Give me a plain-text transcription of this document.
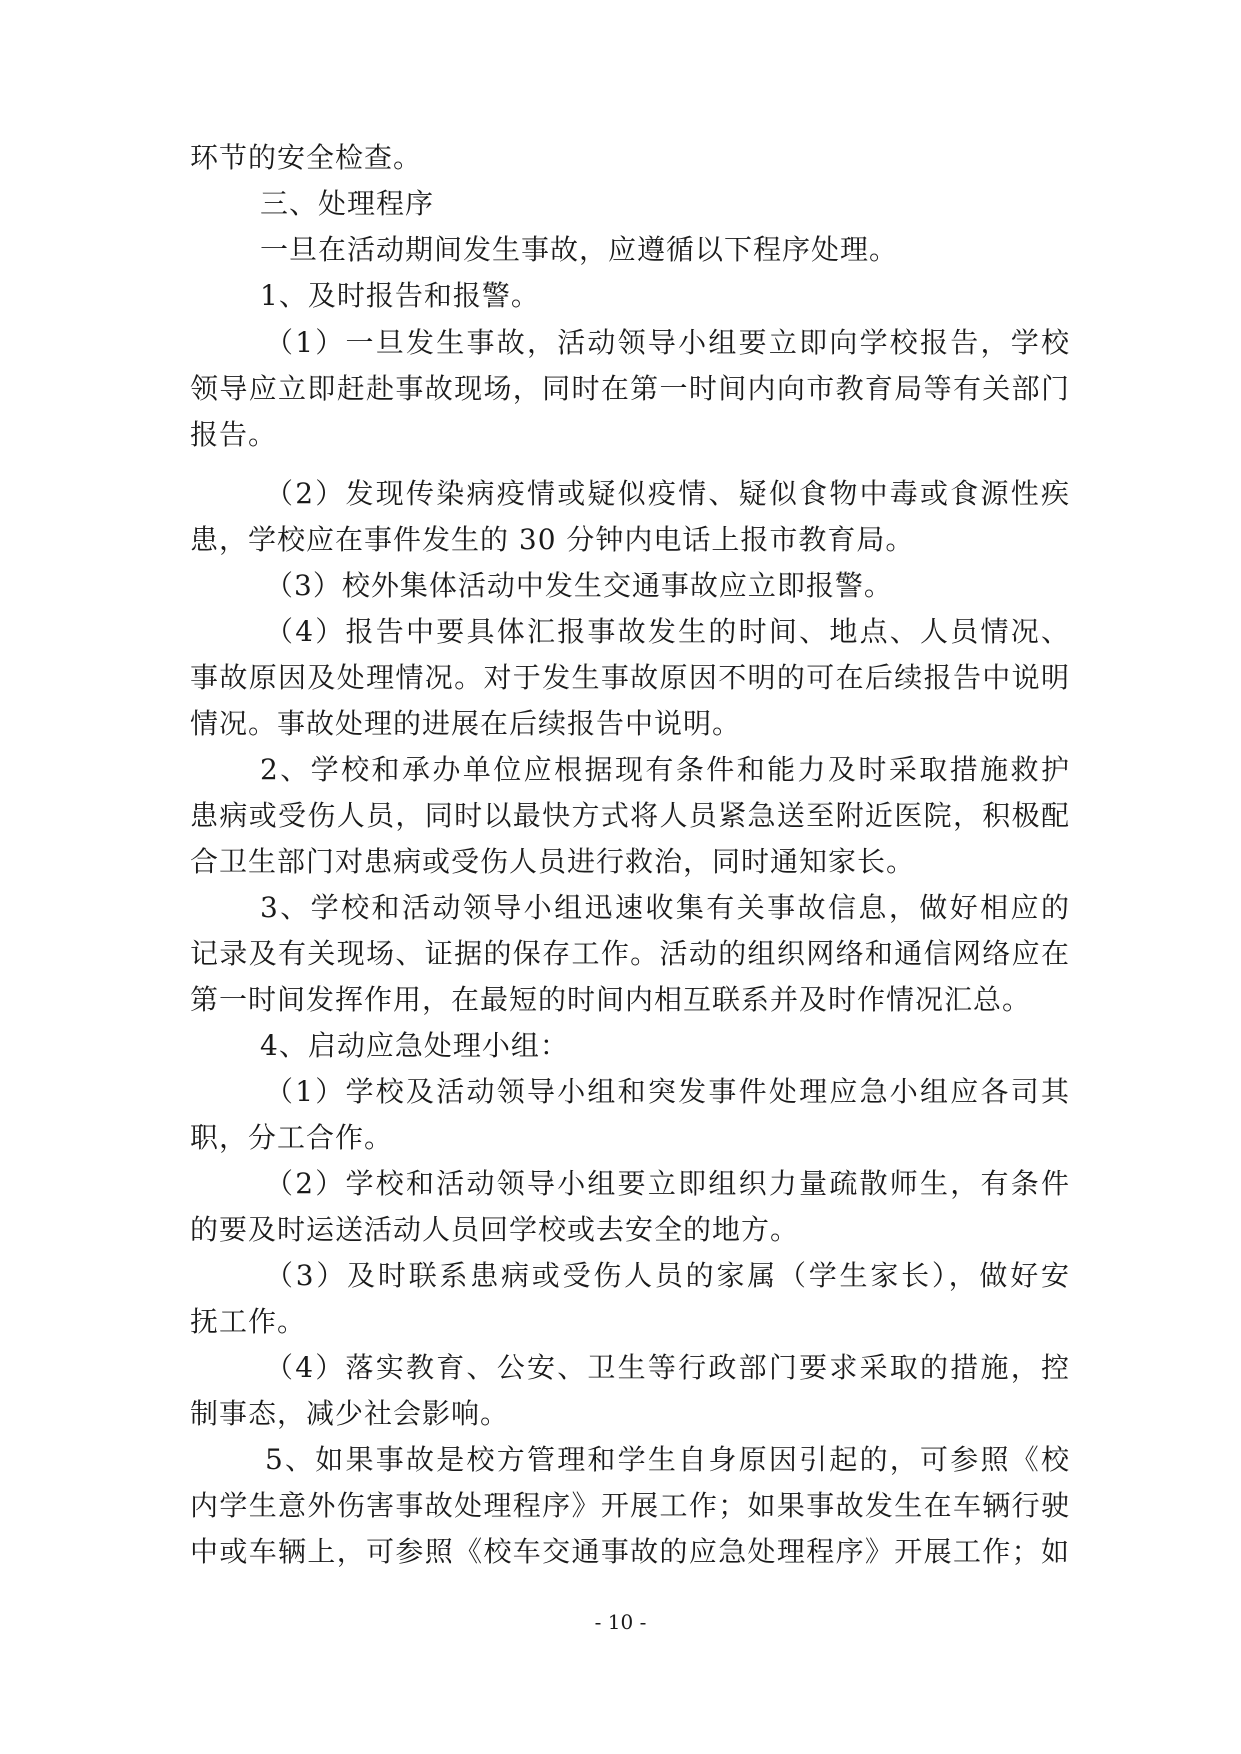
环节的安全检查。
三、处理程序
一旦在活动期间发生事故，应遵循以下程序处理。
1、及时报告和报警。
（1）一旦发生事故，活动领导小组要立即向学校报告，学校
领导应立即赶赴事故现场，同时在第一时间内向市教育局等有关部门
报告。
（2）发现传染病疫情或疑似疫情、疑似食物中毒或食源性疾
患，学校应在事件发生的 30 分钟内电话上报市教育局。
（3）校外集体活动中发生交通事故应立即报警。
（4）报告中要具体汇报事故发生的时间、地点、人员情况、
事故原因及处理情况。对于发生事故原因不明的可在后续报告中说明
情况。事故处理的进展在后续报告中说明。
2、学校和承办单位应根据现有条件和能力及时采取措施救护
患病或受伤人员，同时以最快方式将人员紧急送至附近医院，积极配
合卫生部门对患病或受伤人员进行救治，同时通知家长。
3、学校和活动领导小组迅速收集有关事故信息，做好相应的
记录及有关现场、证据的保存工作。活动的组织网络和通信网络应在
第一时间发挥作用，在最短的时间内相互联系并及时作情况汇总。
4、启动应急处理小组：
（1）学校及活动领导小组和突发事件处理应急小组应各司其
职，分工合作。
（2）学校和活动领导小组要立即组织力量疏散师生，有条件
的要及时运送活动人员回学校或去安全的地方。
（3）及时联系患病或受伤人员的家属（学生家长），做好安
抚工作。
（4）落实教育、公安、卫生等行政部门要求采取的措施，控
制事态，减少社会影响。
5、如果事故是校方管理和学生自身原因引起的，可参照《校
内学生意外伤害事故处理程序》开展工作；如果事故发生在车辆行驶
中或车辆上，可参照《校车交通事故的应急处理程序》开展工作；如
- 10 -
